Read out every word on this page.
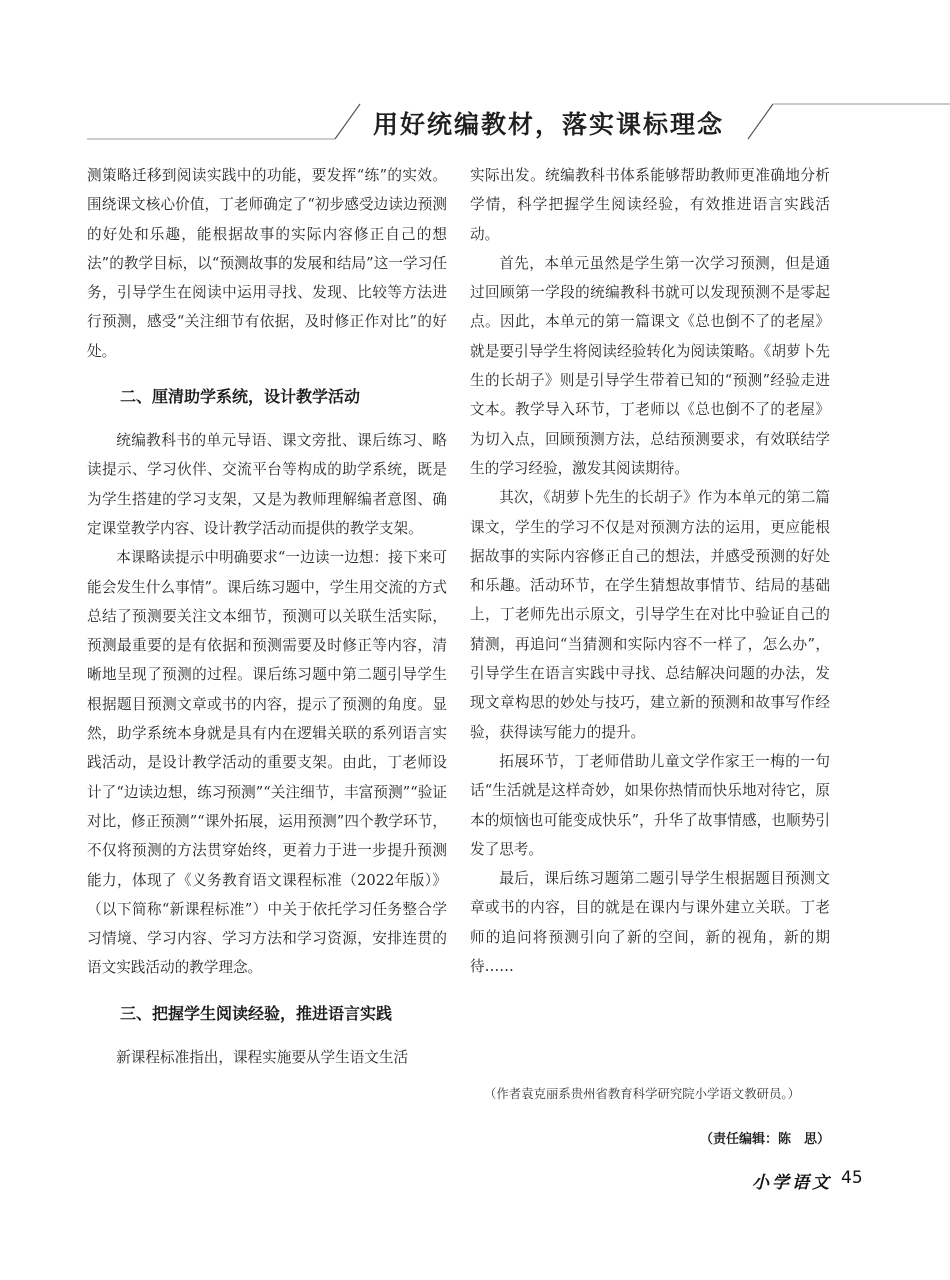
用好统编教材，落实课标理念

测策略迁移到阅读实践中的功能，要发挥“练”的实效。围绕课文核心价值，丁老师确定了“初步感受边读边预测的好处和乐趣，能根据故事的实际内容修正自己的想法”的教学目标，以“预测故事的发展和结局”这一学习任务，引导学生在阅读中运用寻找、发现、比较等方法进行预测，感受“关注细节有依据，及时修正作对比”的好处。

二、厘清助学系统，设计教学活动

统编教科书的单元导语、课文旁批、课后练习、略读提示、学习伙伴、交流平台等构成的助学系统，既是为学生搭建的学习支架，又是为教师理解编者意图、确定课堂教学内容、设计教学活动而提供的教学支架。

本课略读提示中明确要求“一边读一边想：接下来可能会发生什么事情”。课后练习题中，学生用交流的方式总结了预测要关注文本细节，预测可以关联生活实际，预测最重要的是有依据和预测需要及时修正等内容，清晰地呈现了预测的过程。课后练习题中第二题引导学生根据题目预测文章或书的内容，提示了预测的角度。显然，助学系统本身就是具有内在逻辑关联的系列语言实践活动，是设计教学活动的重要支架。由此，丁老师设计了“边读边想，练习预测”“关注细节，丰富预测”“验证对比，修正预测”“课外拓展，运用预测”四个教学环节，不仅将预测的方法贯穿始终，更着力于进一步提升预测能力，体现了《义务教育语文课程标准（2022年版）》（以下简称“新课程标准”）中关于依托学习任务整合学习情境、学习内容、学习方法和学习资源，安排连贯的语文实践活动的教学理念。

三、把握学生阅读经验，推进语言实践

新课程标准指出，课程实施要从学生语文生活

实际出发。统编教科书体系能够帮助教师更准确地分析学情，科学把握学生阅读经验，有效推进语言实践活动。

首先，本单元虽然是学生第一次学习预测，但是通过回顾第一学段的统编教科书就可以发现预测不是零起点。因此，本单元的第一篇课文《总也倒不了的老屋》就是要引导学生将阅读经验转化为阅读策略。《胡萝卜先生的长胡子》则是引导学生带着已知的“预测”经验走进文本。教学导入环节，丁老师以《总也倒不了的老屋》为切入点，回顾预测方法，总结预测要求，有效联结学生的学习经验，激发其阅读期待。

其次，《胡萝卜先生的长胡子》作为本单元的第二篇课文，学生的学习不仅是对预测方法的运用，更应能根据故事的实际内容修正自己的想法，并感受预测的好处和乐趣。活动环节，在学生猜想故事情节、结局的基础上，丁老师先出示原文，引导学生在对比中验证自己的猜测，再追问“当猜测和实际内容不一样了，怎么办”，引导学生在语言实践中寻找、总结解决问题的办法，发现文章构思的妙处与技巧，建立新的预测和故事写作经验，获得读写能力的提升。

拓展环节，丁老师借助儿童文学作家王一梅的一句话“生活就是这样奇妙，如果你热情而快乐地对待它，原本的烦恼也可能变成快乐”，升华了故事情感，也顺势引发了思考。

最后，课后练习题第二题引导学生根据题目预测文章或书的内容，目的就是在课内与课外建立关联。丁老师的追问将预测引向了新的空间，新的视角，新的期待……

（作者袁克丽系贵州省教育科学研究院小学语文教研员。）
（责任编辑：陈　思）
小学语文 45
